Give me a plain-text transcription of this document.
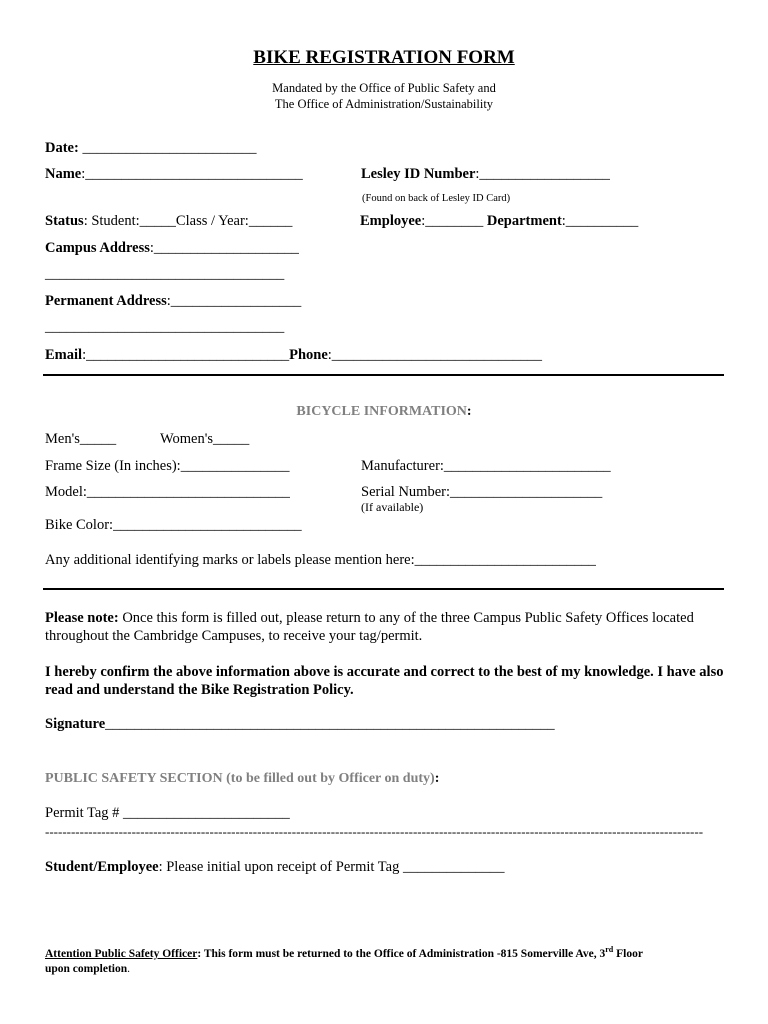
BIKE REGISTRATION FORM
Mandated by the Office of Public Safety and
The Office of Administration/Sustainability
Date: ________________________
Name:______________________________	Lesley ID Number:__________________
(Found on back of Lesley ID Card)
Status: Student:_____Class / Year:______	Employee:________ Department:__________
Campus Address:____________________
_________________________________
Permanent Address:__________________
_________________________________
Email:____________________________Phone:_____________________________
BICYCLE INFORMATION:
Men's_____	Women's_____
Frame Size (In inches):_______________	Manufacturer:_______________________
Model:____________________________	Serial Number:_____________________
(If available)
Bike Color:__________________________
Any additional identifying marks or labels please mention here:_________________________
Please note: Once this form is filled out, please return to any of the three Campus Public Safety Offices located throughout the Cambridge Campuses, to receive your tag/permit.
I hereby confirm the above information above is accurate and correct to the best of my knowledge. I have also read and understand the Bike Registration Policy.
Signature______________________________________________________________
PUBLIC SAFETY SECTION (to be filled out by Officer on duty):
Permit Tag # _______________________
--------------------------------------------------------------------------------------------------------------------------------------------------------
Student/Employee: Please initial upon receipt of Permit Tag ______________
Attention Public Safety Officer: This form must be returned to the Office of Administration -815 Somerville Ave, 3rd Floor
upon completion.
